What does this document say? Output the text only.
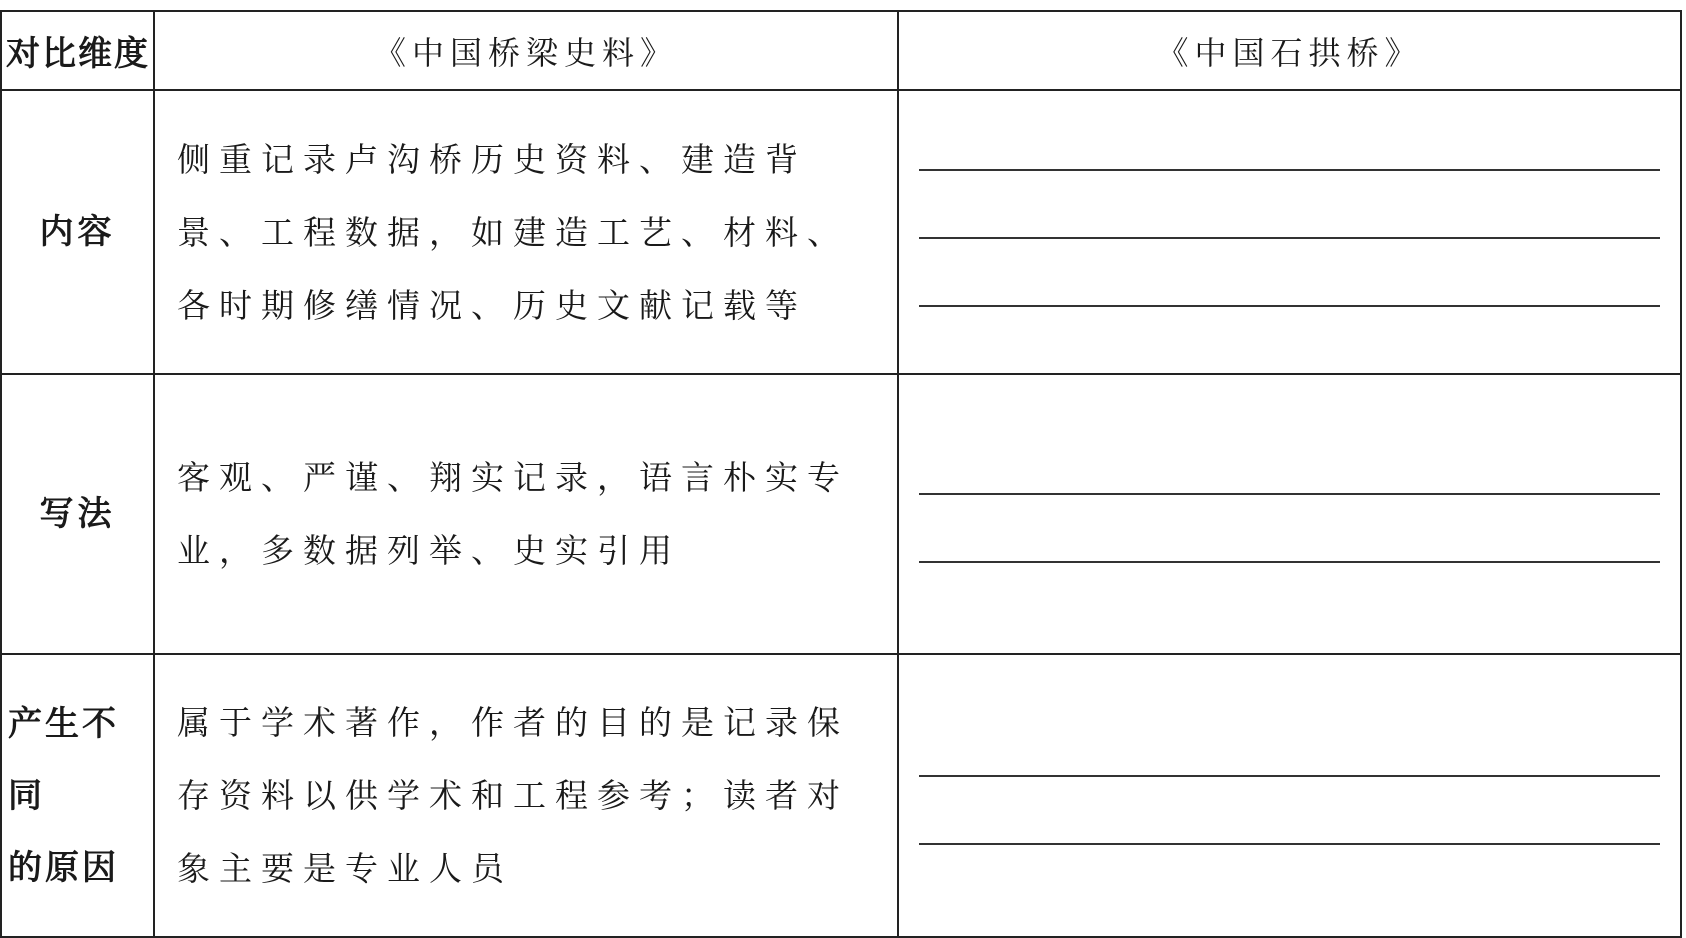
对比维度	《中国桥梁史料》	《中国石拱桥》
内容	侧重记录卢沟桥历史资料、建造背景、工程数据，如建造工艺、材料、各时期修缮情况、历史文献记载等	

写法	客观、严谨、翔实记录，语言朴实专业，多数据列举、史实引用	

产生不同
的原因	属于学术著作，作者的目的是记录保存资料以供学术和工程参考；读者对象主要是专业人员	
